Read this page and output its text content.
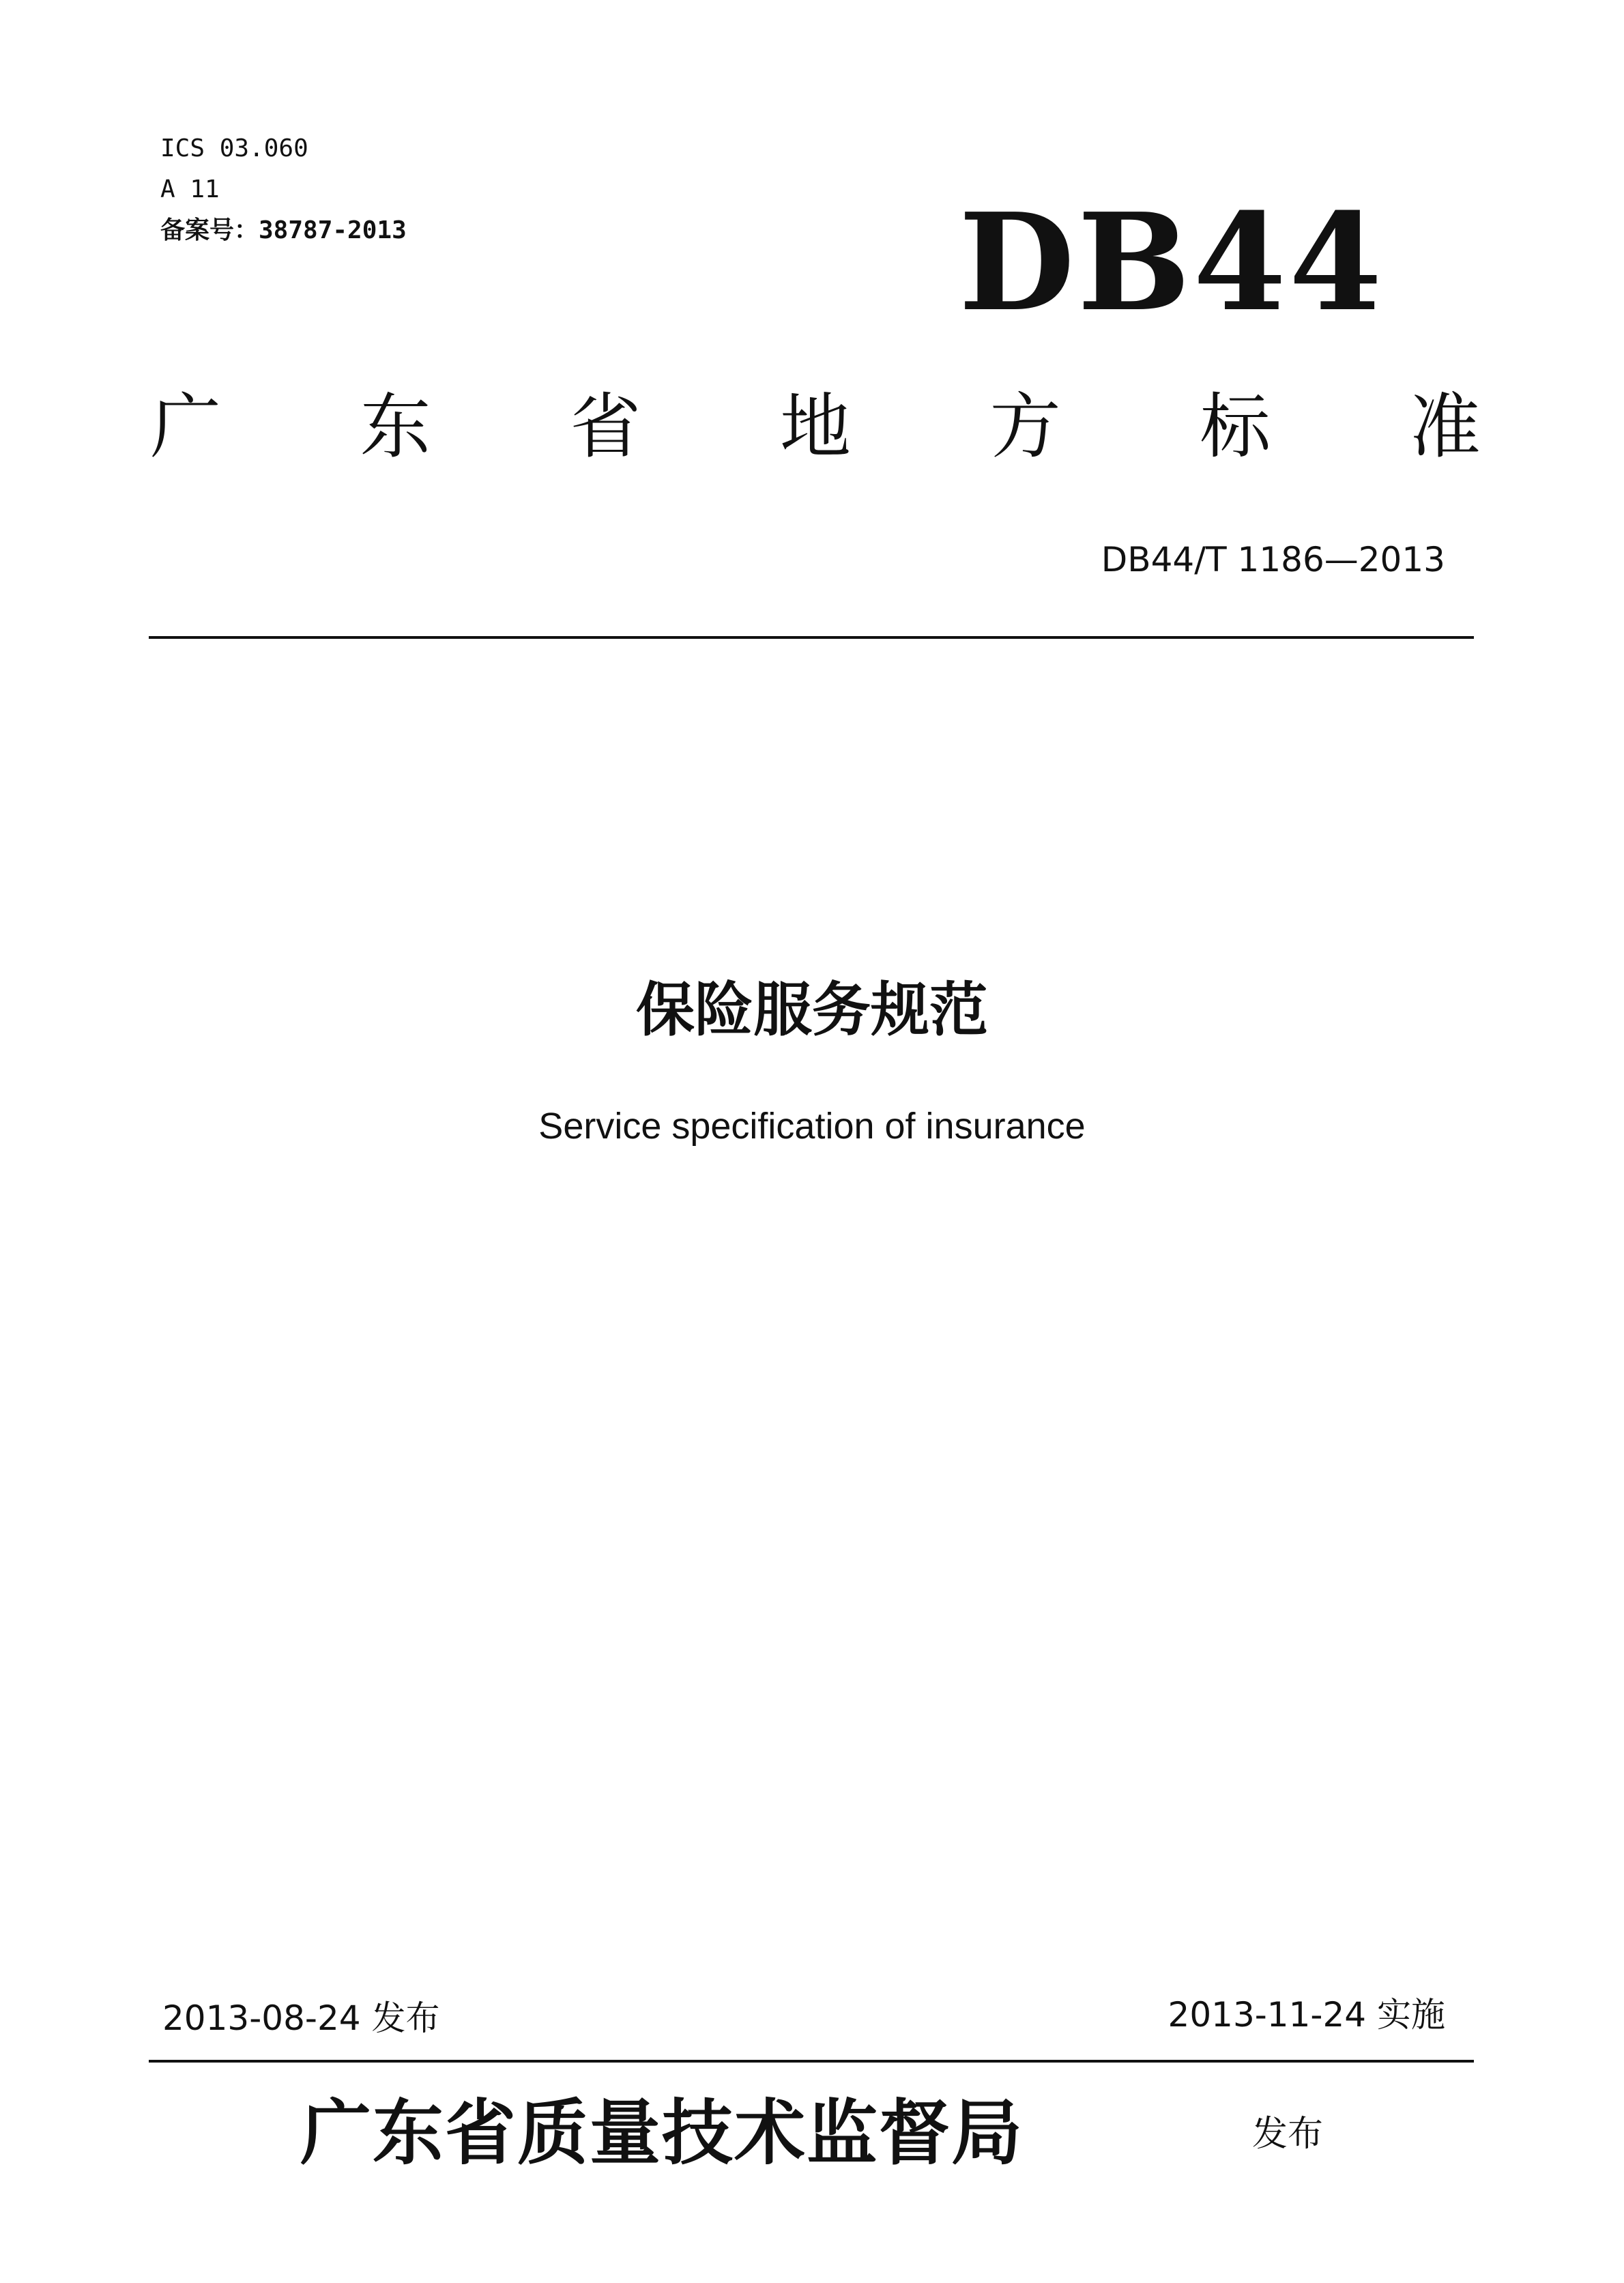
ICS 03.060
A 11
备案号：38787-2013	DB44
广 东 省 地 方 标 准
DB44/T 1186—2013
保险服务规范
Service specification of insurance
2013-08-24 发布	2013-11-24 实施
广东省质量技术监督局	发布
